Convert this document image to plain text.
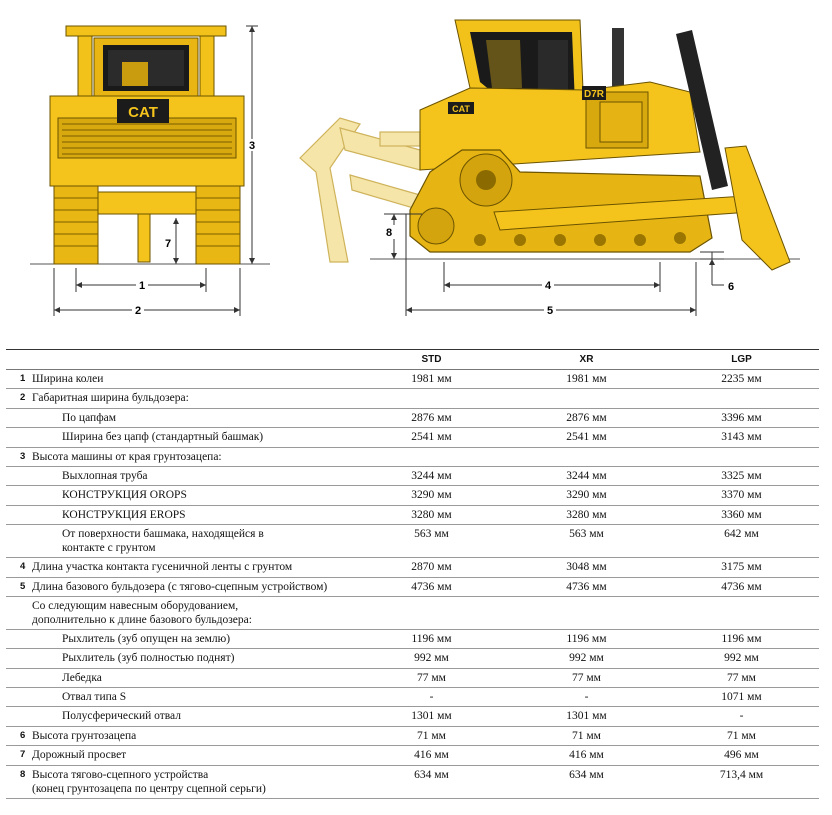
CAT
1
2
3
7
D7R
CAT
4
5
6
8
		STD	XR	LGP
1	Ширина колеи	1981 мм	1981 мм	2235 мм
2	Габаритная ширина бульдозера:			

	По цапфам	2876 мм	2876 мм	3396 мм

	Ширина без цапф (стандартный башмак)	2541 мм	2541 мм	3143 мм
3	Высота машины от края грунтозацепа:			

	Выхлопная труба	3244 мм	3244 мм	3325 мм

	КОНСТРУКЦИЯ OROPS	3290 мм	3290 мм	3370 мм

	КОНСТРУКЦИЯ EROPS	3280 мм	3280 мм	3360 мм

	От поверхности башмака, находящейся в
контакте с грунтом	563 мм	563 мм	642 мм
4	Длина участка контакта гусеничной ленты с грунтом	2870 мм	3048 мм	3175 мм
5	Длина базового бульдозера (с тягово-сцепным устройством)	4736 мм	4736 мм	4736 мм

	Со следующим навесным оборудованием,
дополнительно к длине базового бульдозера:			

	Рыхлитель (зуб опущен на землю)	1196 мм	1196 мм	1196 мм

	Рыхлитель (зуб полностью поднят)	992 мм	992 мм	992 мм

	Лебедка	77 мм	77 мм	77 мм

	Отвал типа S	-	-	1071 мм

	Полусферический отвал	1301 мм	1301 мм	-
6	Высота грунтозацепа	71 мм	71 мм	71 мм
7	Дорожный просвет	416 мм	416 мм	496 мм
8	Высота тягово-сцепного устройства
(конец грунтозацепа по центру сцепной серьги)	634 мм	634 мм	713,4 мм
